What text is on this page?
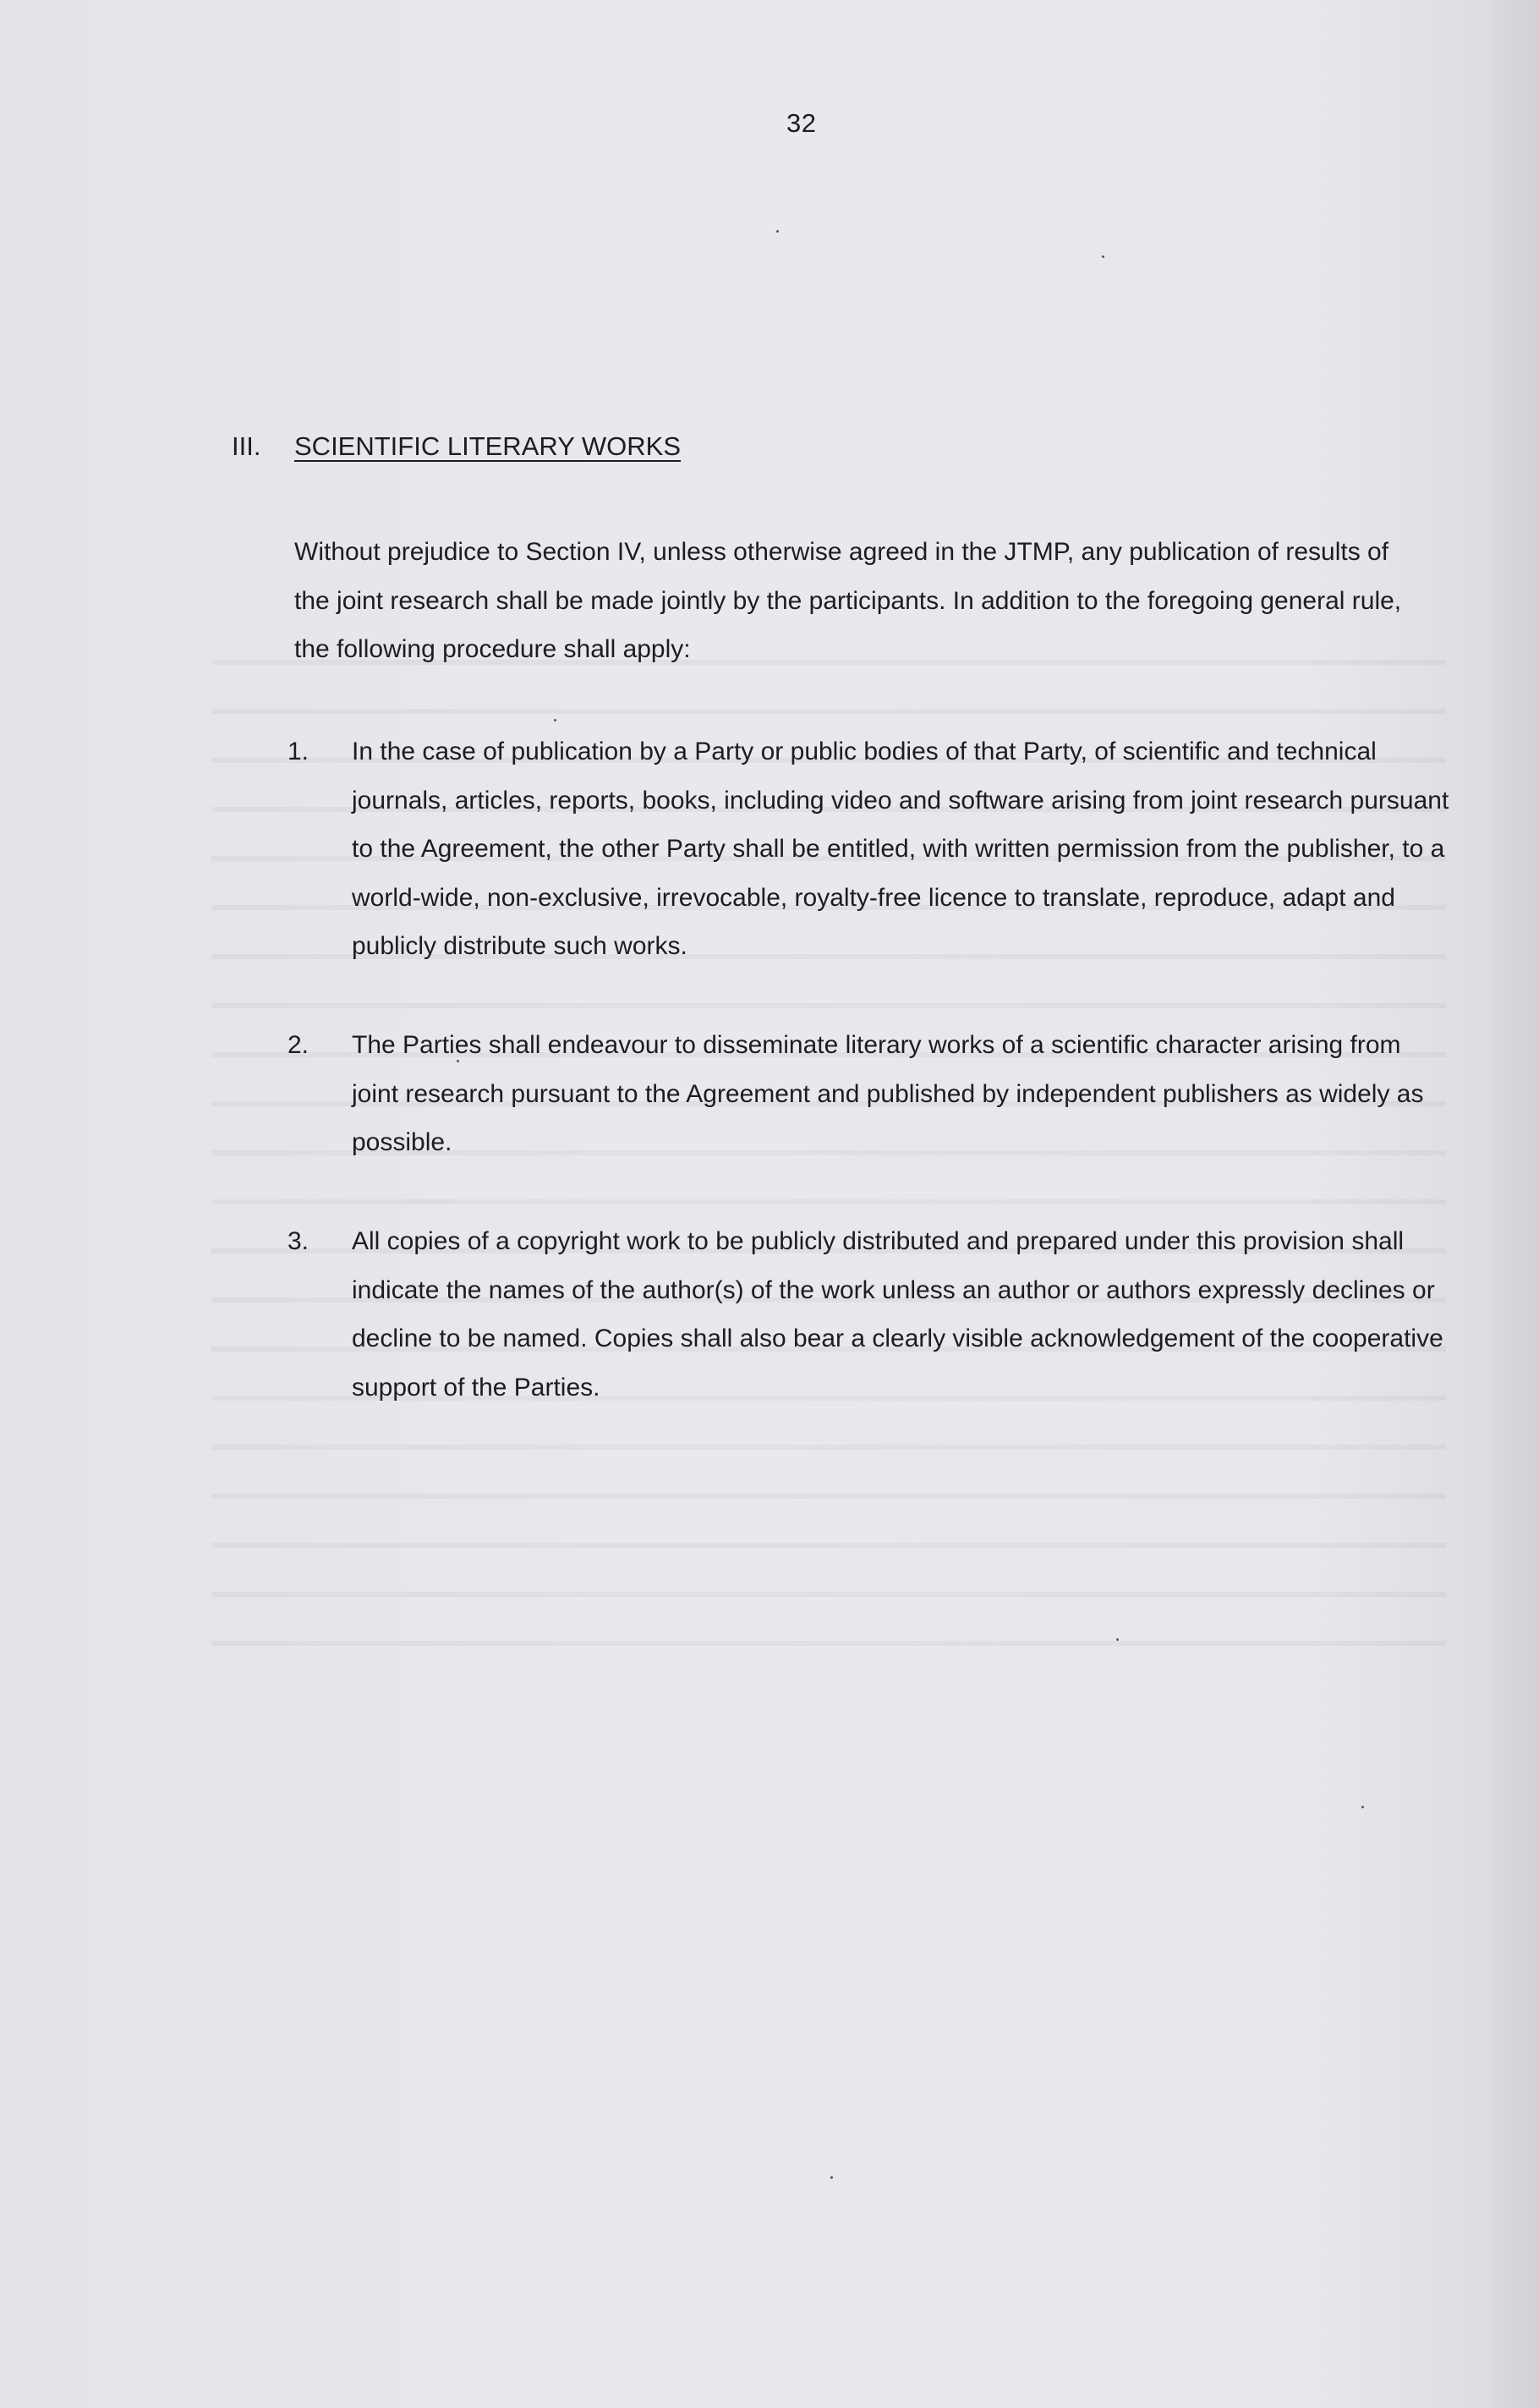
32
III.	SCIENTIFIC LITERARY WORKS

Without prejudice to Section IV, unless otherwise agreed in the JTMP, any publication of results of the joint research shall be made jointly by the participants. In addition to the foregoing general rule, the following procedure shall apply:

1.	In the case of publication by a Party or public bodies of that Party, of scientific and technical journals, articles, reports, books, including video and software arising from joint research pursuant to the Agreement, the other Party shall be entitled, with written permission from the publisher, to a world-wide, non-exclusive, irrevocable, royalty-free licence to translate, reproduce, adapt and publicly distribute such works.

2.	The Parties shall endeavour to disseminate literary works of a scientific character arising from joint research pursuant to the Agreement and published by independent publishers as widely as possible.

3.	All copies of a copyright work to be publicly distributed and prepared under this provision shall indicate the names of the author(s) of the work unless an author or authors expressly declines or decline to be named. Copies shall also bear a clearly visible acknowledgement of the cooperative support of the Parties.
